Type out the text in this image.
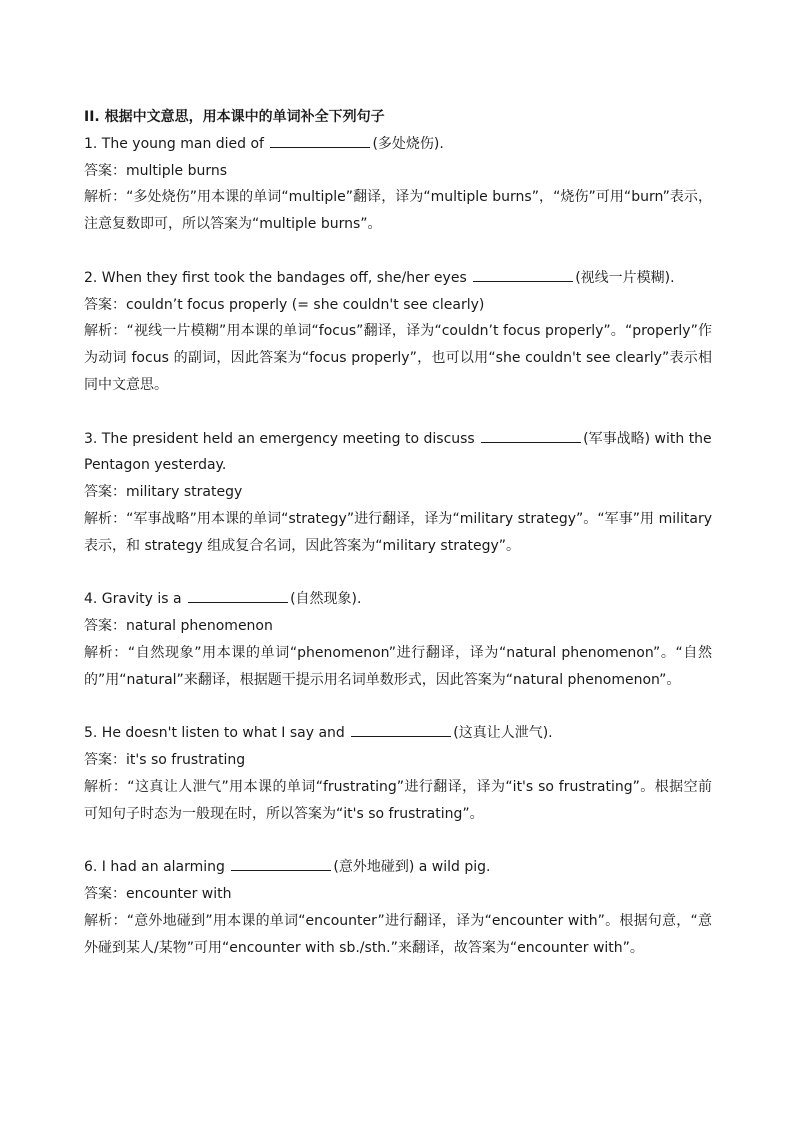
II. 根据中文意思，用本课中的单词补全下列句子

1. The young man died of	(多处烧伤).

答案：multiple burns

解析：“多处烧伤”用本课的单词“multiple”翻译，译为“multiple burns”，“烧伤”可用“burn”表示，注意复数即可，所以答案为“multiple burns”。

2. When they first took the bandages off, she/her eyes	(视线一片模糊).

答案：couldn’t focus properly (= she couldn't see clearly)

解析：“视线一片模糊”用本课的单词“focus”翻译，译为“couldn’t focus properly”。“properly”作为动词 focus 的副词，因此答案为“focus properly”，也可以用“she couldn't see clearly”表示相同中文意思。

3. The president held an emergency meeting to discuss	(军事战略) with the Pentagon yesterday.

答案：military strategy

解析：“军事战略”用本课的单词“strategy”进行翻译，译为“military strategy”。“军事”用 military表示，和 strategy 组成复合名词，因此答案为“military strategy”。

4. Gravity is a	(自然现象).

答案：natural phenomenon

解析：“自然现象”用本课的单词“phenomenon”进行翻译，译为“natural phenomenon”。“自然的”用“natural”来翻译，根据题干提示用名词单数形式，因此答案为“natural phenomenon”。

5. He doesn't listen to what I say and	(这真让人泄气).

答案：it's so frustrating

解析：“这真让人泄气”用本课的单词“frustrating”进行翻译，译为“it's so frustrating”。根据空前可知句子时态为一般现在时，所以答案为“it's so frustrating”。

6. I had an alarming	(意外地碰到) a wild pig.

答案：encounter with

解析：“意外地碰到”用本课的单词“encounter”进行翻译，译为“encounter with”。根据句意，“意外碰到某人/某物”可用“encounter with sb./sth.”来翻译，故答案为“encounter with”。
